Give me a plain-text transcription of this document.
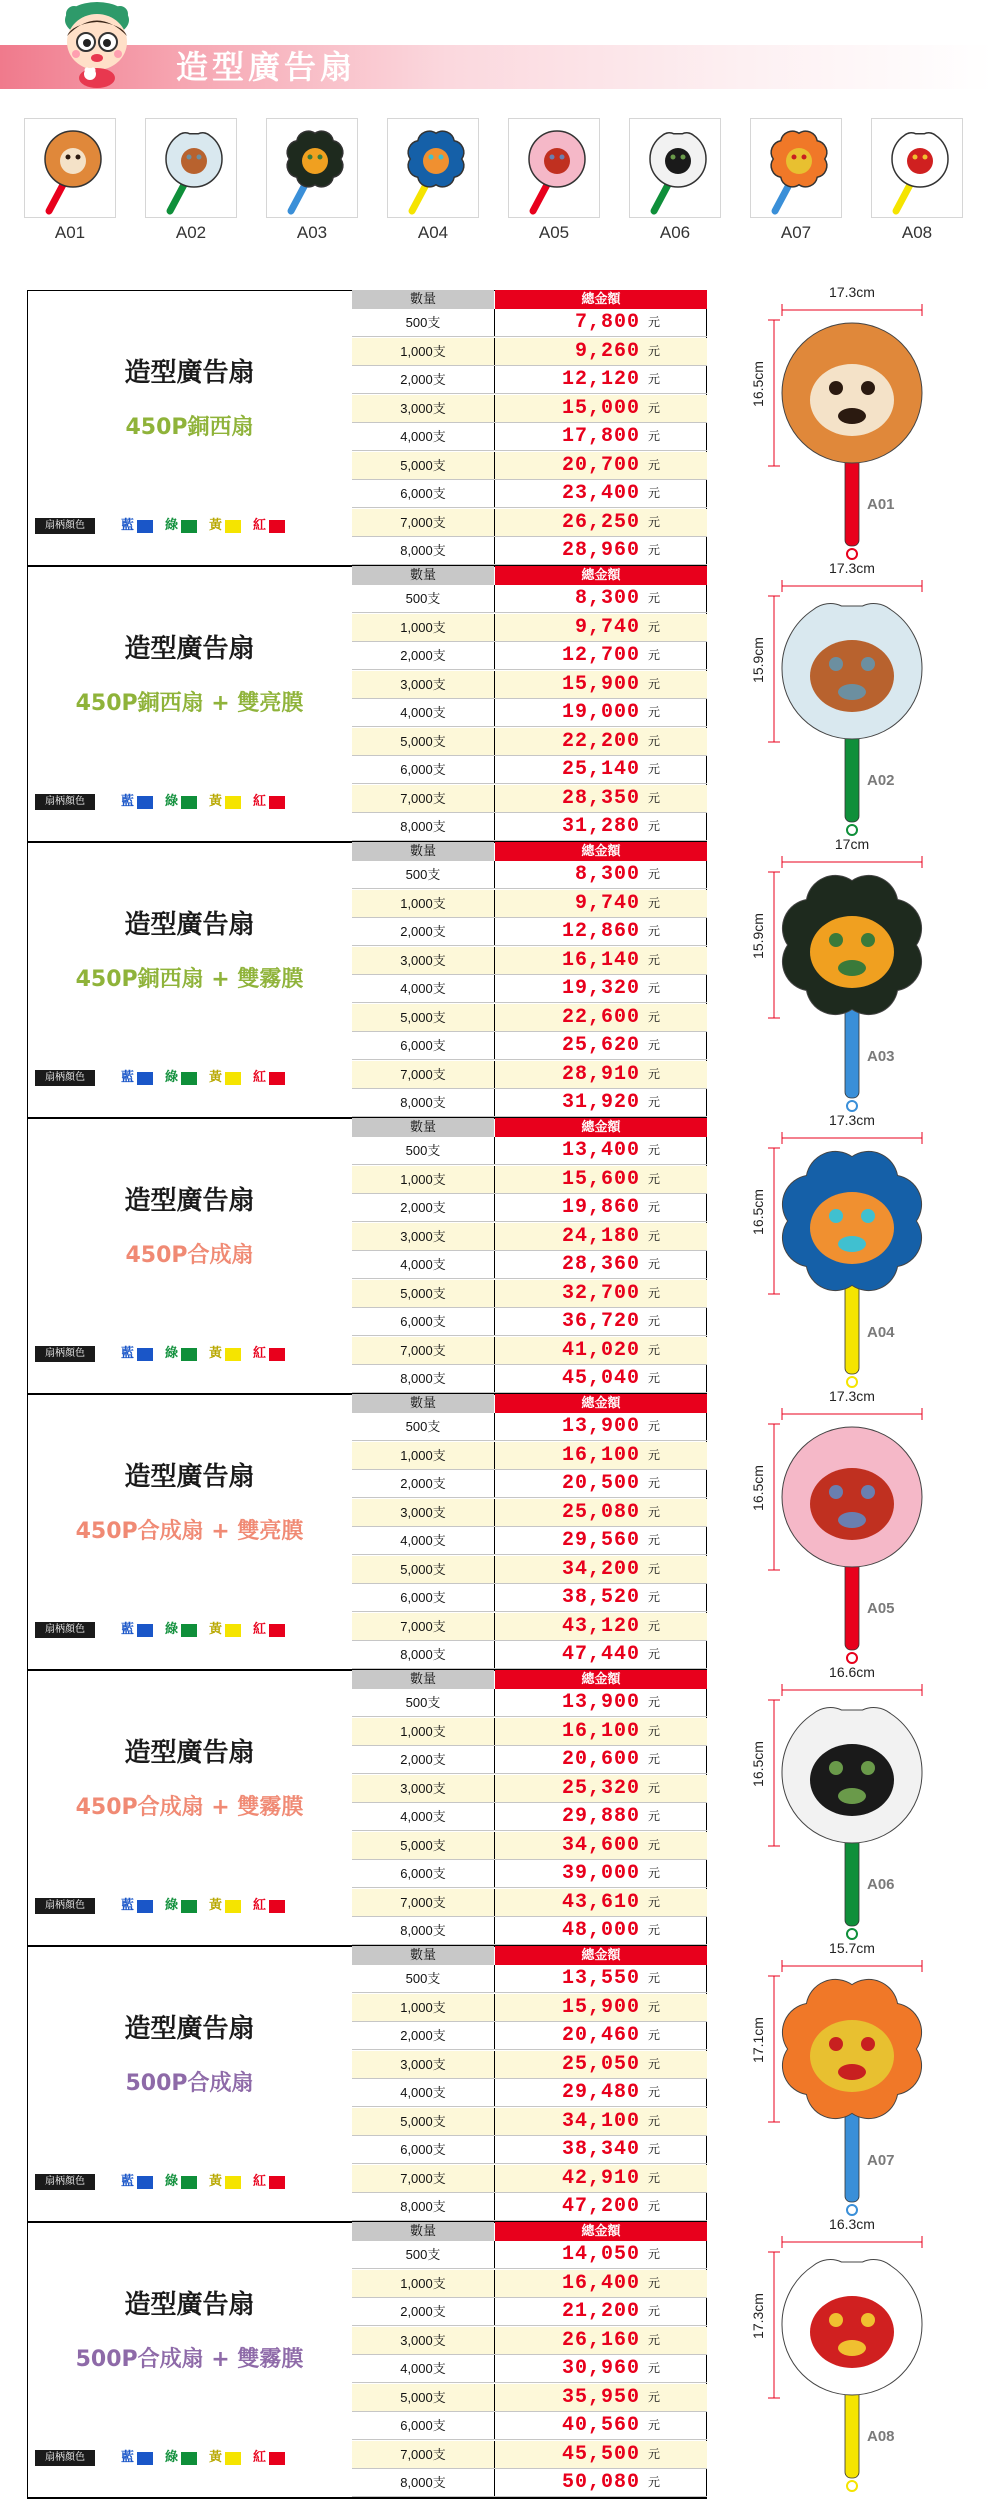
造型廣告扇
A01	A02	A03	A04	A05	A06	A07	A08
造型廣告扇
450P銅西扇
扇柄顏色	藍 綠 黃 紅
數量	總金額
500支	7,800 元
1,000支	9,260 元
2,000支	12,120 元
3,000支	15,000 元
4,000支	17,800 元
5,000支	20,700 元
6,000支	23,400 元
7,000支	26,250 元
8,000支	28,960 元
17.3cm
16.5cm
A01
造型廣告扇
450P銅西扇 + 雙亮膜
扇柄顏色	藍 綠 黃 紅
數量	總金額
500支	8,300 元
1,000支	9,740 元
2,000支	12,700 元
3,000支	15,900 元
4,000支	19,000 元
5,000支	22,200 元
6,000支	25,140 元
7,000支	28,350 元
8,000支	31,280 元
17.3cm
15.9cm
A02
造型廣告扇
450P銅西扇 + 雙霧膜
扇柄顏色	藍 綠 黃 紅
數量	總金額
500支	8,300 元
1,000支	9,740 元
2,000支	12,860 元
3,000支	16,140 元
4,000支	19,320 元
5,000支	22,600 元
6,000支	25,620 元
7,000支	28,910 元
8,000支	31,920 元
17cm
15.9cm
A03
造型廣告扇
450P合成扇
扇柄顏色	藍 綠 黃 紅
數量	總金額
500支	13,400 元
1,000支	15,600 元
2,000支	19,860 元
3,000支	24,180 元
4,000支	28,360 元
5,000支	32,700 元
6,000支	36,720 元
7,000支	41,020 元
8,000支	45,040 元
17.3cm
16.5cm
A04
造型廣告扇
450P合成扇 + 雙亮膜
扇柄顏色	藍 綠 黃 紅
數量	總金額
500支	13,900 元
1,000支	16,100 元
2,000支	20,500 元
3,000支	25,080 元
4,000支	29,560 元
5,000支	34,200 元
6,000支	38,520 元
7,000支	43,120 元
8,000支	47,440 元
17.3cm
16.5cm
A05
造型廣告扇
450P合成扇 + 雙霧膜
扇柄顏色	藍 綠 黃 紅
數量	總金額
500支	13,900 元
1,000支	16,100 元
2,000支	20,600 元
3,000支	25,320 元
4,000支	29,880 元
5,000支	34,600 元
6,000支	39,000 元
7,000支	43,610 元
8,000支	48,000 元
16.6cm
16.5cm
A06
造型廣告扇
500P合成扇
扇柄顏色	藍 綠 黃 紅
數量	總金額
500支	13,550 元
1,000支	15,900 元
2,000支	20,460 元
3,000支	25,050 元
4,000支	29,480 元
5,000支	34,100 元
6,000支	38,340 元
7,000支	42,910 元
8,000支	47,200 元
15.7cm
17.1cm
A07
造型廣告扇
500P合成扇 + 雙霧膜
扇柄顏色	藍 綠 黃 紅
數量	總金額
500支	14,050 元
1,000支	16,400 元
2,000支	21,200 元
3,000支	26,160 元
4,000支	30,960 元
5,000支	35,950 元
6,000支	40,560 元
7,000支	45,500 元
8,000支	50,080 元
16.3cm
17.3cm
A08
